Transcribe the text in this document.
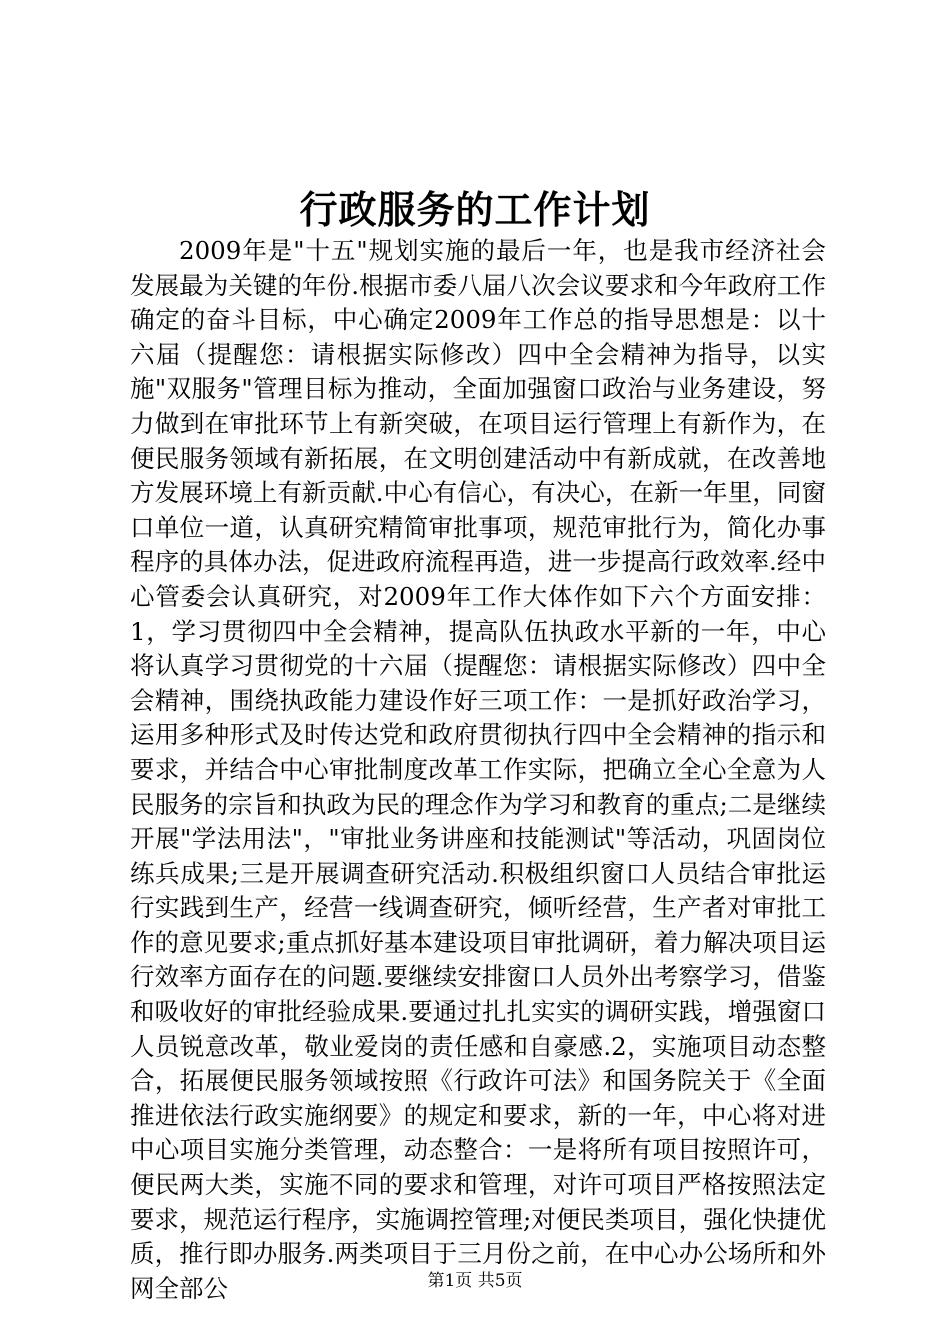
行政服务的工作计划

2009年是"十五"规划实施的最后一年，也是我市经济社会发展最为关键的年份.根据市委八届八次会议要求和今年政府工作确定的奋斗目标，中心确定2009年工作总的指导思想是：以十六届（提醒您：请根据实际修改）四中全会精神为指导，以实施"双服务"管理目标为推动，全面加强窗口政治与业务建设，努力做到在审批环节上有新突破，在项目运行管理上有新作为，在便民服务领域有新拓展，在文明创建活动中有新成就，在改善地方发展环境上有新贡献.中心有信心，有决心，在新一年里，同窗口单位一道，认真研究精简审批事项，规范审批行为，简化办事程序的具体办法，促进政府流程再造，进一步提高行政效率.经中心管委会认真研究，对2009年工作大体作如下六个方面安排：1，学习贯彻四中全会精神，提高队伍执政水平新的一年，中心将认真学习贯彻党的十六届（提醒您：请根据实际修改）四中全会精神，围绕执政能力建设作好三项工作：一是抓好政治学习，运用多种形式及时传达党和政府贯彻执行四中全会精神的指示和要求，并结合中心审批制度改革工作实际，把确立全心全意为人民服务的宗旨和执政为民的理念作为学习和教育的重点;二是继续开展"学法用法"，"审批业务讲座和技能测试"等活动，巩固岗位练兵成果;三是开展调查研究活动.积极组织窗口人员结合审批运行实践到生产，经营一线调查研究，倾听经营，生产者对审批工作的意见要求;重点抓好基本建设项目审批调研，着力解决项目运行效率方面存在的问题.要继续安排窗口人员外出考察学习，借鉴和吸收好的审批经验成果.要通过扎扎实实的调研实践，增强窗口人员锐意改革，敬业爱岗的责任感和自豪感.2，实施项目动态整合，拓展便民服务领域按照《行政许可法》和国务院关于《全面推进依法行政实施纲要》的规定和要求，新的一年，中心将对进中心项目实施分类管理，动态整合：一是将所有项目按照许可，便民两大类，实施不同的要求和管理，对许可项目严格按照法定要求，规范运行程序，实施调控管理;对便民类项目，强化快捷优质，推行即办服务.两类项目于三月份之前，在中心办公场所和外网全部公	第1页 共5页
